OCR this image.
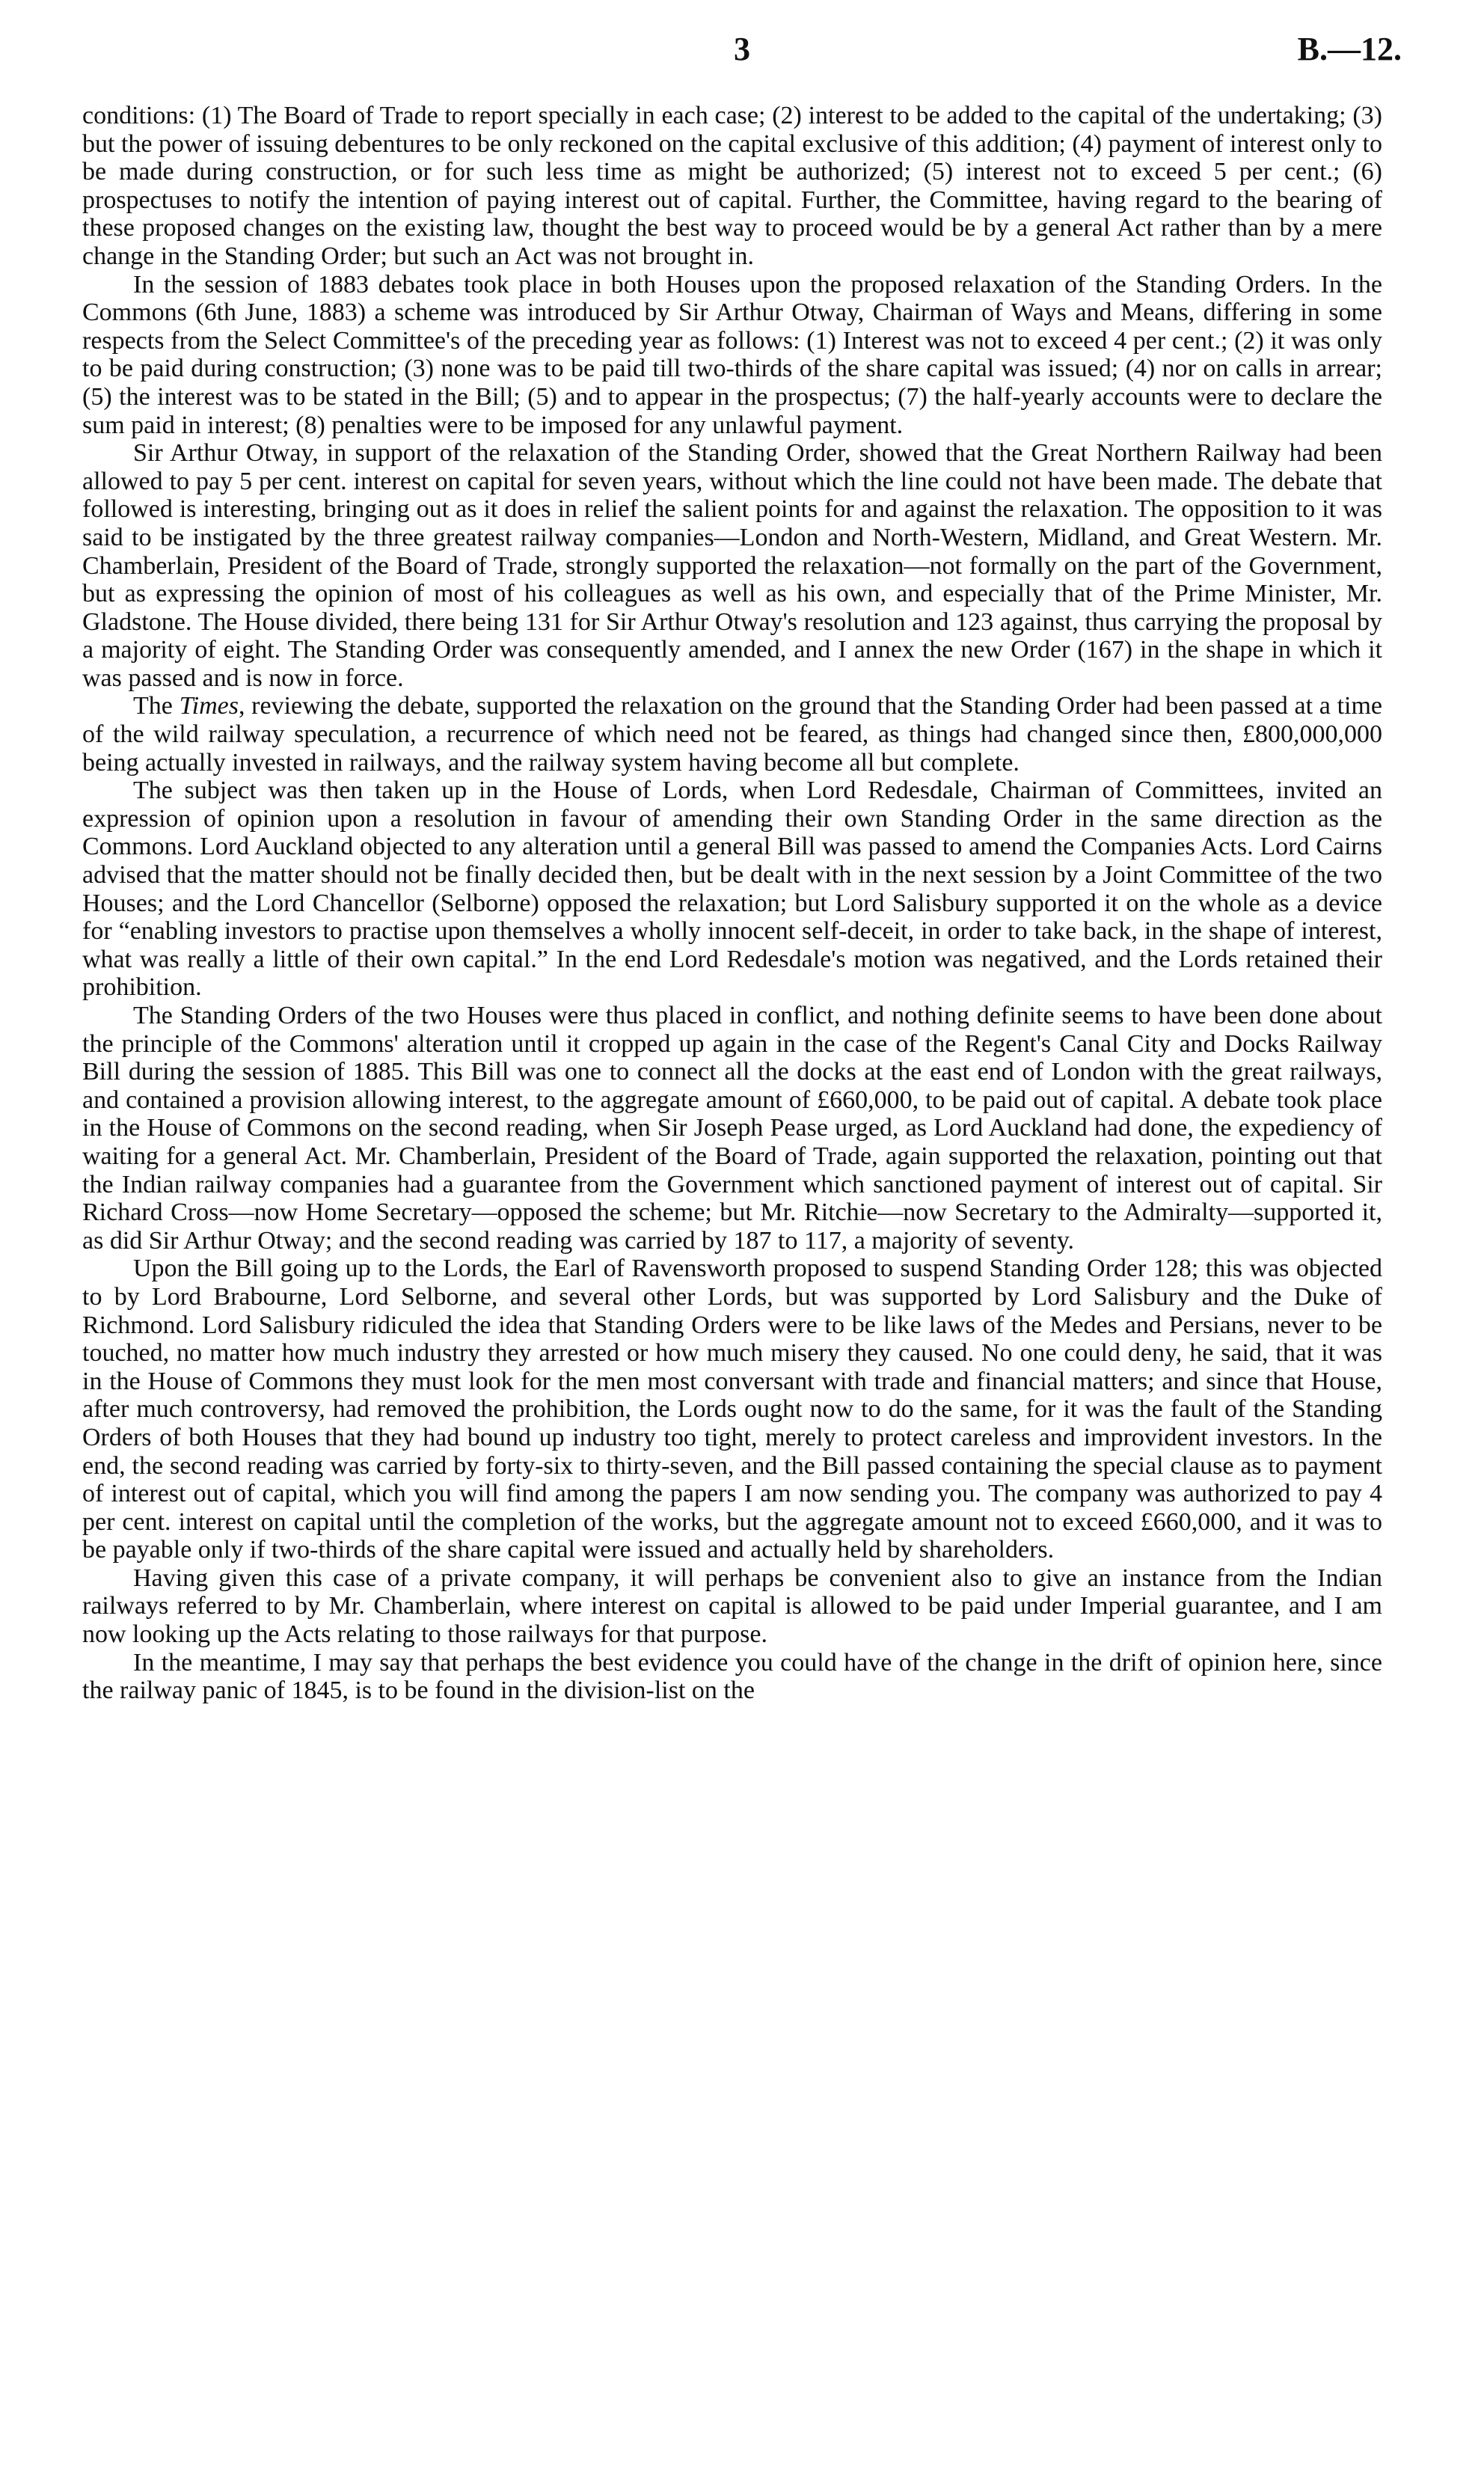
3	B.—12.

conditions: (1) The Board of Trade to report specially in each case; (2) interest to be added to the capital of the undertaking; (3) but the power of issuing debentures to be only reckoned on the capital exclusive of this addition; (4) payment of interest only to be made during construction, or for such less time as might be authorized; (5) interest not to exceed 5 per cent.; (6) prospectuses to notify the intention of paying interest out of capital. Further, the Committee, having regard to the bearing of these proposed changes on the existing law, thought the best way to proceed would be by a general Act rather than by a mere change in the Standing Order; but such an Act was not brought in.

In the session of 1883 debates took place in both Houses upon the proposed relaxation of the Standing Orders. In the Commons (6th June, 1883) a scheme was introduced by Sir Arthur Otway, Chairman of Ways and Means, differing in some respects from the Select Committee's of the preceding year as follows: (1) Interest was not to exceed 4 per cent.; (2) it was only to be paid during construction; (3) none was to be paid till two-thirds of the share capital was issued; (4) nor on calls in arrear; (5) the interest was to be stated in the Bill; (5) and to appear in the prospectus; (7) the half-yearly accounts were to declare the sum paid in interest; (8) penalties were to be imposed for any unlawful payment.

Sir Arthur Otway, in support of the relaxation of the Standing Order, showed that the Great Northern Railway had been allowed to pay 5 per cent. interest on capital for seven years, without which the line could not have been made. The debate that followed is interesting, bringing out as it does in relief the salient points for and against the relaxation. The opposition to it was said to be instigated by the three greatest railway companies—London and North-Western, Midland, and Great Western. Mr. Chamberlain, President of the Board of Trade, strongly supported the relaxation—not formally on the part of the Government, but as expressing the opinion of most of his colleagues as well as his own, and especially that of the Prime Minister, Mr. Gladstone. The House divided, there being 131 for Sir Arthur Otway's resolution and 123 against, thus carrying the proposal by a majority of eight. The Standing Order was consequently amended, and I annex the new Order (167) in the shape in which it was passed and is now in force.

The Times, reviewing the debate, supported the relaxation on the ground that the Standing Order had been passed at a time of the wild railway speculation, a recurrence of which need not be feared, as things had changed since then, £800,000,000 being actually invested in railways, and the railway system having become all but complete.

The subject was then taken up in the House of Lords, when Lord Redesdale, Chairman of Committees, invited an expression of opinion upon a resolution in favour of amending their own Standing Order in the same direction as the Commons. Lord Auckland objected to any alteration until a general Bill was passed to amend the Companies Acts. Lord Cairns advised that the matter should not be finally decided then, but be dealt with in the next session by a Joint Committee of the two Houses; and the Lord Chancellor (Selborne) opposed the relaxation; but Lord Salisbury supported it on the whole as a device for “enabling investors to practise upon themselves a wholly innocent self-deceit, in order to take back, in the shape of interest, what was really a little of their own capital.” In the end Lord Redesdale's motion was negatived, and the Lords retained their prohibition.

The Standing Orders of the two Houses were thus placed in conflict, and nothing definite seems to have been done about the principle of the Commons' alteration until it cropped up again in the case of the Regent's Canal City and Docks Railway Bill during the session of 1885. This Bill was one to connect all the docks at the east end of London with the great railways, and contained a provision allowing interest, to the aggregate amount of £660,000, to be paid out of capital. A debate took place in the House of Commons on the second reading, when Sir Joseph Pease urged, as Lord Auckland had done, the expediency of waiting for a general Act. Mr. Chamberlain, President of the Board of Trade, again supported the relaxation, pointing out that the Indian railway companies had a guarantee from the Government which sanctioned payment of interest out of capital. Sir Richard Cross—now Home Secretary—opposed the scheme; but Mr. Ritchie—now Secretary to the Admiralty—supported it, as did Sir Arthur Otway; and the second reading was carried by 187 to 117, a majority of seventy.

Upon the Bill going up to the Lords, the Earl of Ravensworth proposed to suspend Standing Order 128; this was objected to by Lord Brabourne, Lord Selborne, and several other Lords, but was supported by Lord Salisbury and the Duke of Richmond. Lord Salisbury ridiculed the idea that Standing Orders were to be like laws of the Medes and Persians, never to be touched, no matter how much industry they arrested or how much misery they caused. No one could deny, he said, that it was in the House of Commons they must look for the men most conversant with trade and financial matters; and since that House, after much controversy, had removed the prohibition, the Lords ought now to do the same, for it was the fault of the Standing Orders of both Houses that they had bound up industry too tight, merely to protect careless and improvident investors. In the end, the second reading was carried by forty-six to thirty-seven, and the Bill passed containing the special clause as to payment of interest out of capital, which you will find among the papers I am now sending you. The company was authorized to pay 4 per cent. interest on capital until the completion of the works, but the aggregate amount not to exceed £660,000, and it was to be payable only if two-thirds of the share capital were issued and actually held by shareholders.

Having given this case of a private company, it will perhaps be convenient also to give an instance from the Indian railways referred to by Mr. Chamberlain, where interest on capital is allowed to be paid under Imperial guarantee, and I am now looking up the Acts relating to those railways for that purpose.

In the meantime, I may say that perhaps the best evidence you could have of the change in the drift of opinion here, since the railway panic of 1845, is to be found in the division-list on the
